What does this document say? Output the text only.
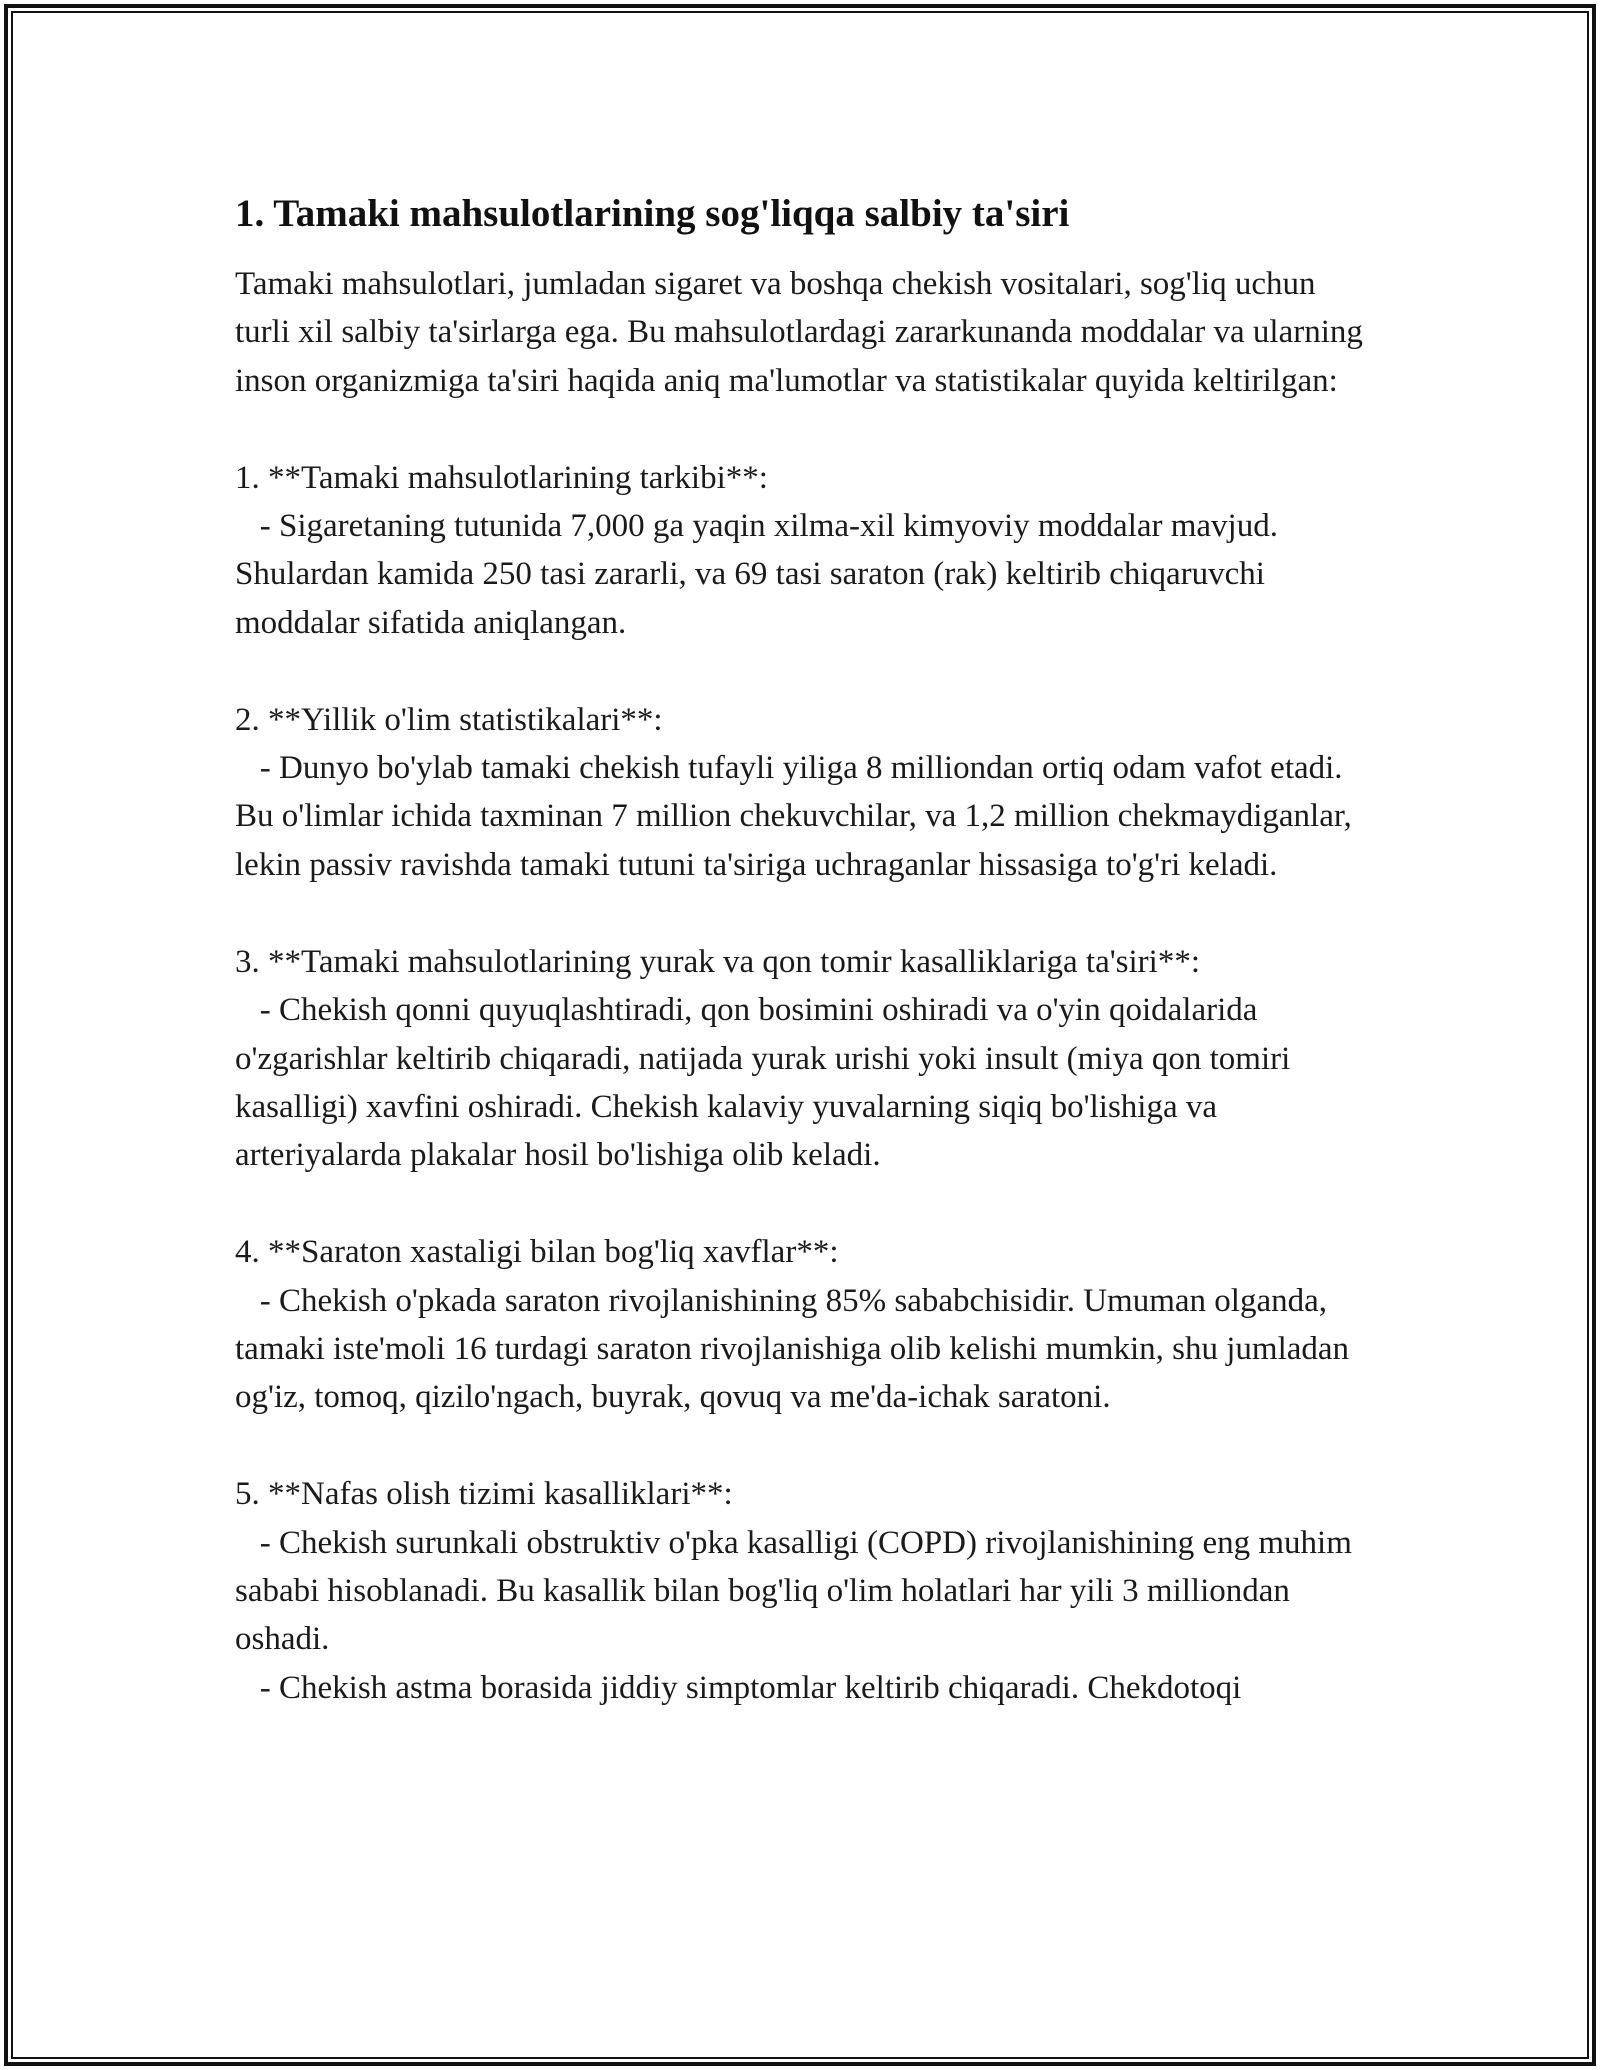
1. Tamaki mahsulotlarining sog'liqqa salbiy ta'siri

Tamaki mahsulotlari, jumladan sigaret va boshqa chekish vositalari, sog'liq uchun turli xil salbiy ta'sirlarga ega. Bu mahsulotlardagi zararkunanda moddalar va ularning inson organizmiga ta'siri haqida aniq ma'lumotlar va statistikalar quyida keltirilgan:

1. **Tamaki mahsulotlarining tarkibi**:
- Sigaretaning tutunida 7,000 ga yaqin xilma-xil kimyoviy moddalar mavjud. Shulardan kamida 250 tasi zararli, va 69 tasi saraton (rak) keltirib chiqaruvchi moddalar sifatida aniqlangan.

2. **Yillik o'lim statistikalari**:
- Dunyo bo'ylab tamaki chekish tufayli yiliga 8 milliondan ortiq odam vafot etadi. Bu o'limlar ichida taxminan 7 million chekuvchilar, va 1,2 million chekmaydiganlar, lekin passiv ravishda tamaki tutuni ta'siriga uchraganlar hissasiga to'g'ri keladi.

3. **Tamaki mahsulotlarining yurak va qon tomir kasalliklariga ta'siri**:
- Chekish qonni quyuqlashtiradi, qon bosimini oshiradi va o'yin qoidalarida o'zgarishlar keltirib chiqaradi, natijada yurak urishi yoki insult (miya qon tomiri kasalligi) xavfini oshiradi. Chekish kalaviy yuvalarning siqiq bo'lishiga va arteriyalarda plakalar hosil bo'lishiga olib keladi.

4. **Saraton xastaligi bilan bog'liq xavflar**:
- Chekish o'pkada saraton rivojlanishining 85% sababchisidir. Umuman olganda, tamaki iste'moli 16 turdagi saraton rivojlanishiga olib kelishi mumkin, shu jumladan og'iz, tomoq, qizilo'ngach, buyrak, qovuq va me'da-ichak saratoni.

5. **Nafas olish tizimi kasalliklari**:
- Chekish surunkali obstruktiv o'pka kasalligi (COPD) rivojlanishining eng muhim sababi hisoblanadi. Bu kasallik bilan bog'liq o'lim holatlari har yili 3 milliondan oshadi.
- Chekish astma borasida jiddiy simptomlar keltirib chiqaradi. Chekdotoqi
